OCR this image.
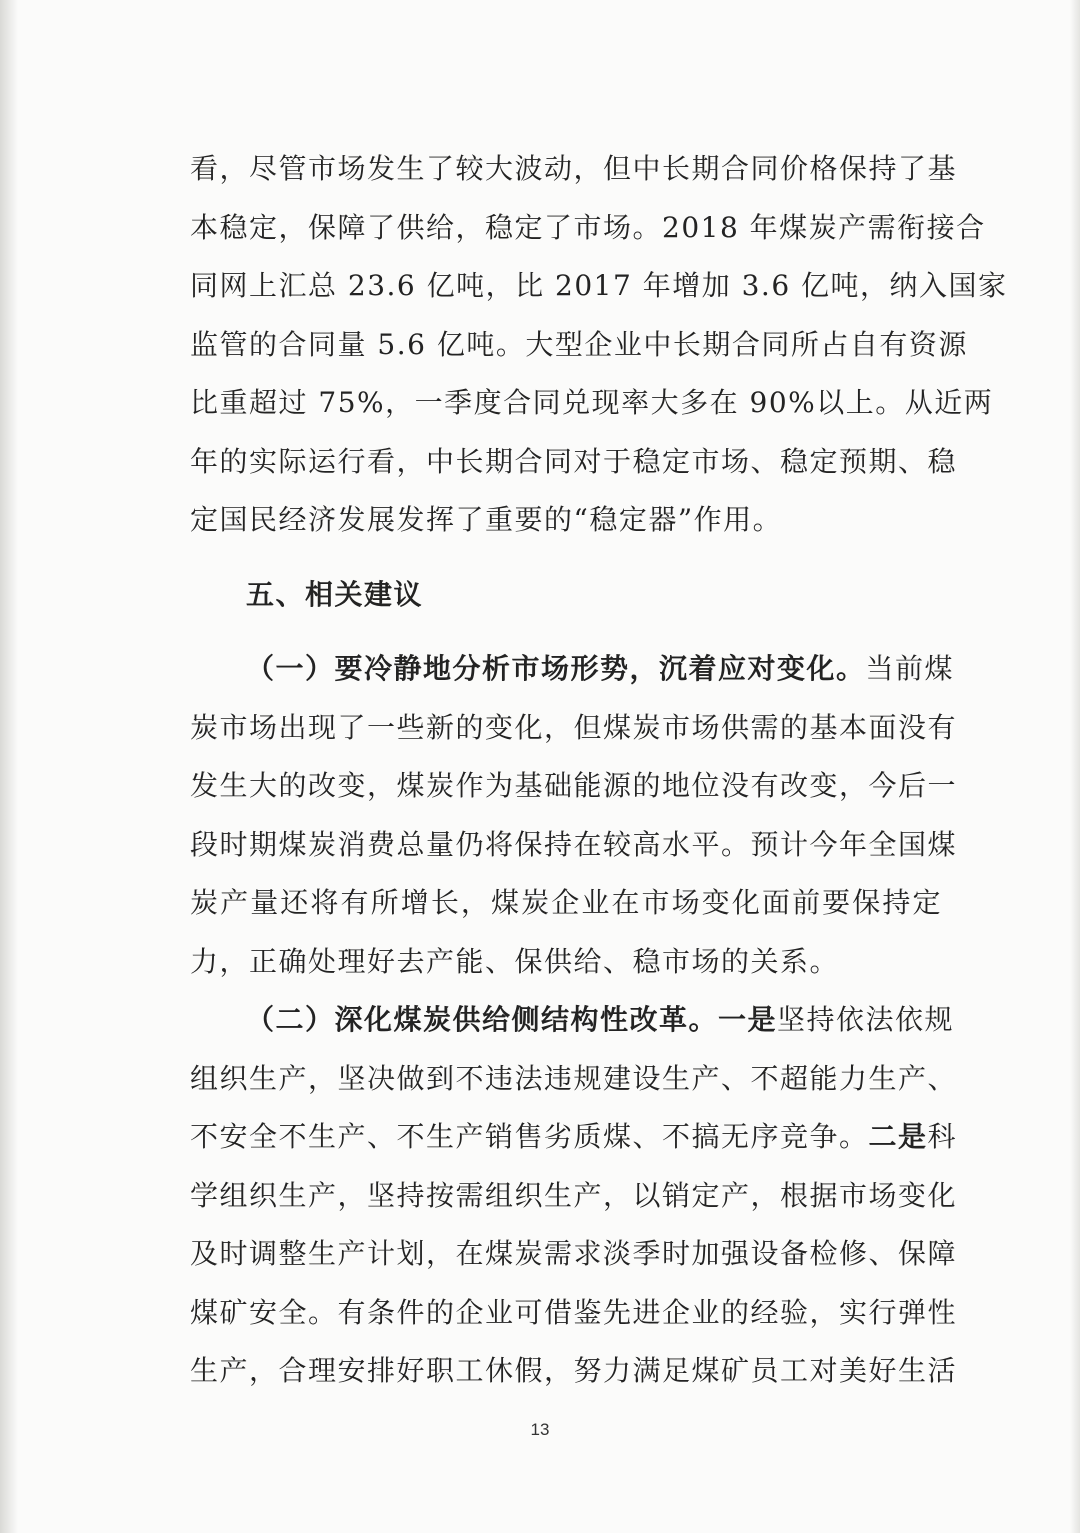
看，尽管市场发生了较大波动，但中长期合同价格保持了基
本稳定，保障了供给，稳定了市场。2018 年煤炭产需衔接合
同网上汇总 23.6 亿吨，比 2017 年增加 3.6 亿吨，纳入国家
监管的合同量 5.6 亿吨。大型企业中长期合同所占自有资源
比重超过 75%，一季度合同兑现率大多在 90%以上。从近两
年的实际运行看，中长期合同对于稳定市场、稳定预期、稳
定国民经济发展发挥了重要的“稳定器”作用。
五、相关建议
（一）要冷静地分析市场形势，沉着应对变化。当前煤
炭市场出现了一些新的变化，但煤炭市场供需的基本面没有
发生大的改变，煤炭作为基础能源的地位没有改变，今后一
段时期煤炭消费总量仍将保持在较高水平。预计今年全国煤
炭产量还将有所增长，煤炭企业在市场变化面前要保持定
力，正确处理好去产能、保供给、稳市场的关系。
（二）深化煤炭供给侧结构性改革。一是坚持依法依规
组织生产，坚决做到不违法违规建设生产、不超能力生产、
不安全不生产、不生产销售劣质煤、不搞无序竞争。二是科
学组织生产，坚持按需组织生产，以销定产，根据市场变化
及时调整生产计划，在煤炭需求淡季时加强设备检修、保障
煤矿安全。有条件的企业可借鉴先进企业的经验，实行弹性
生产，合理安排好职工休假，努力满足煤矿员工对美好生活
13
